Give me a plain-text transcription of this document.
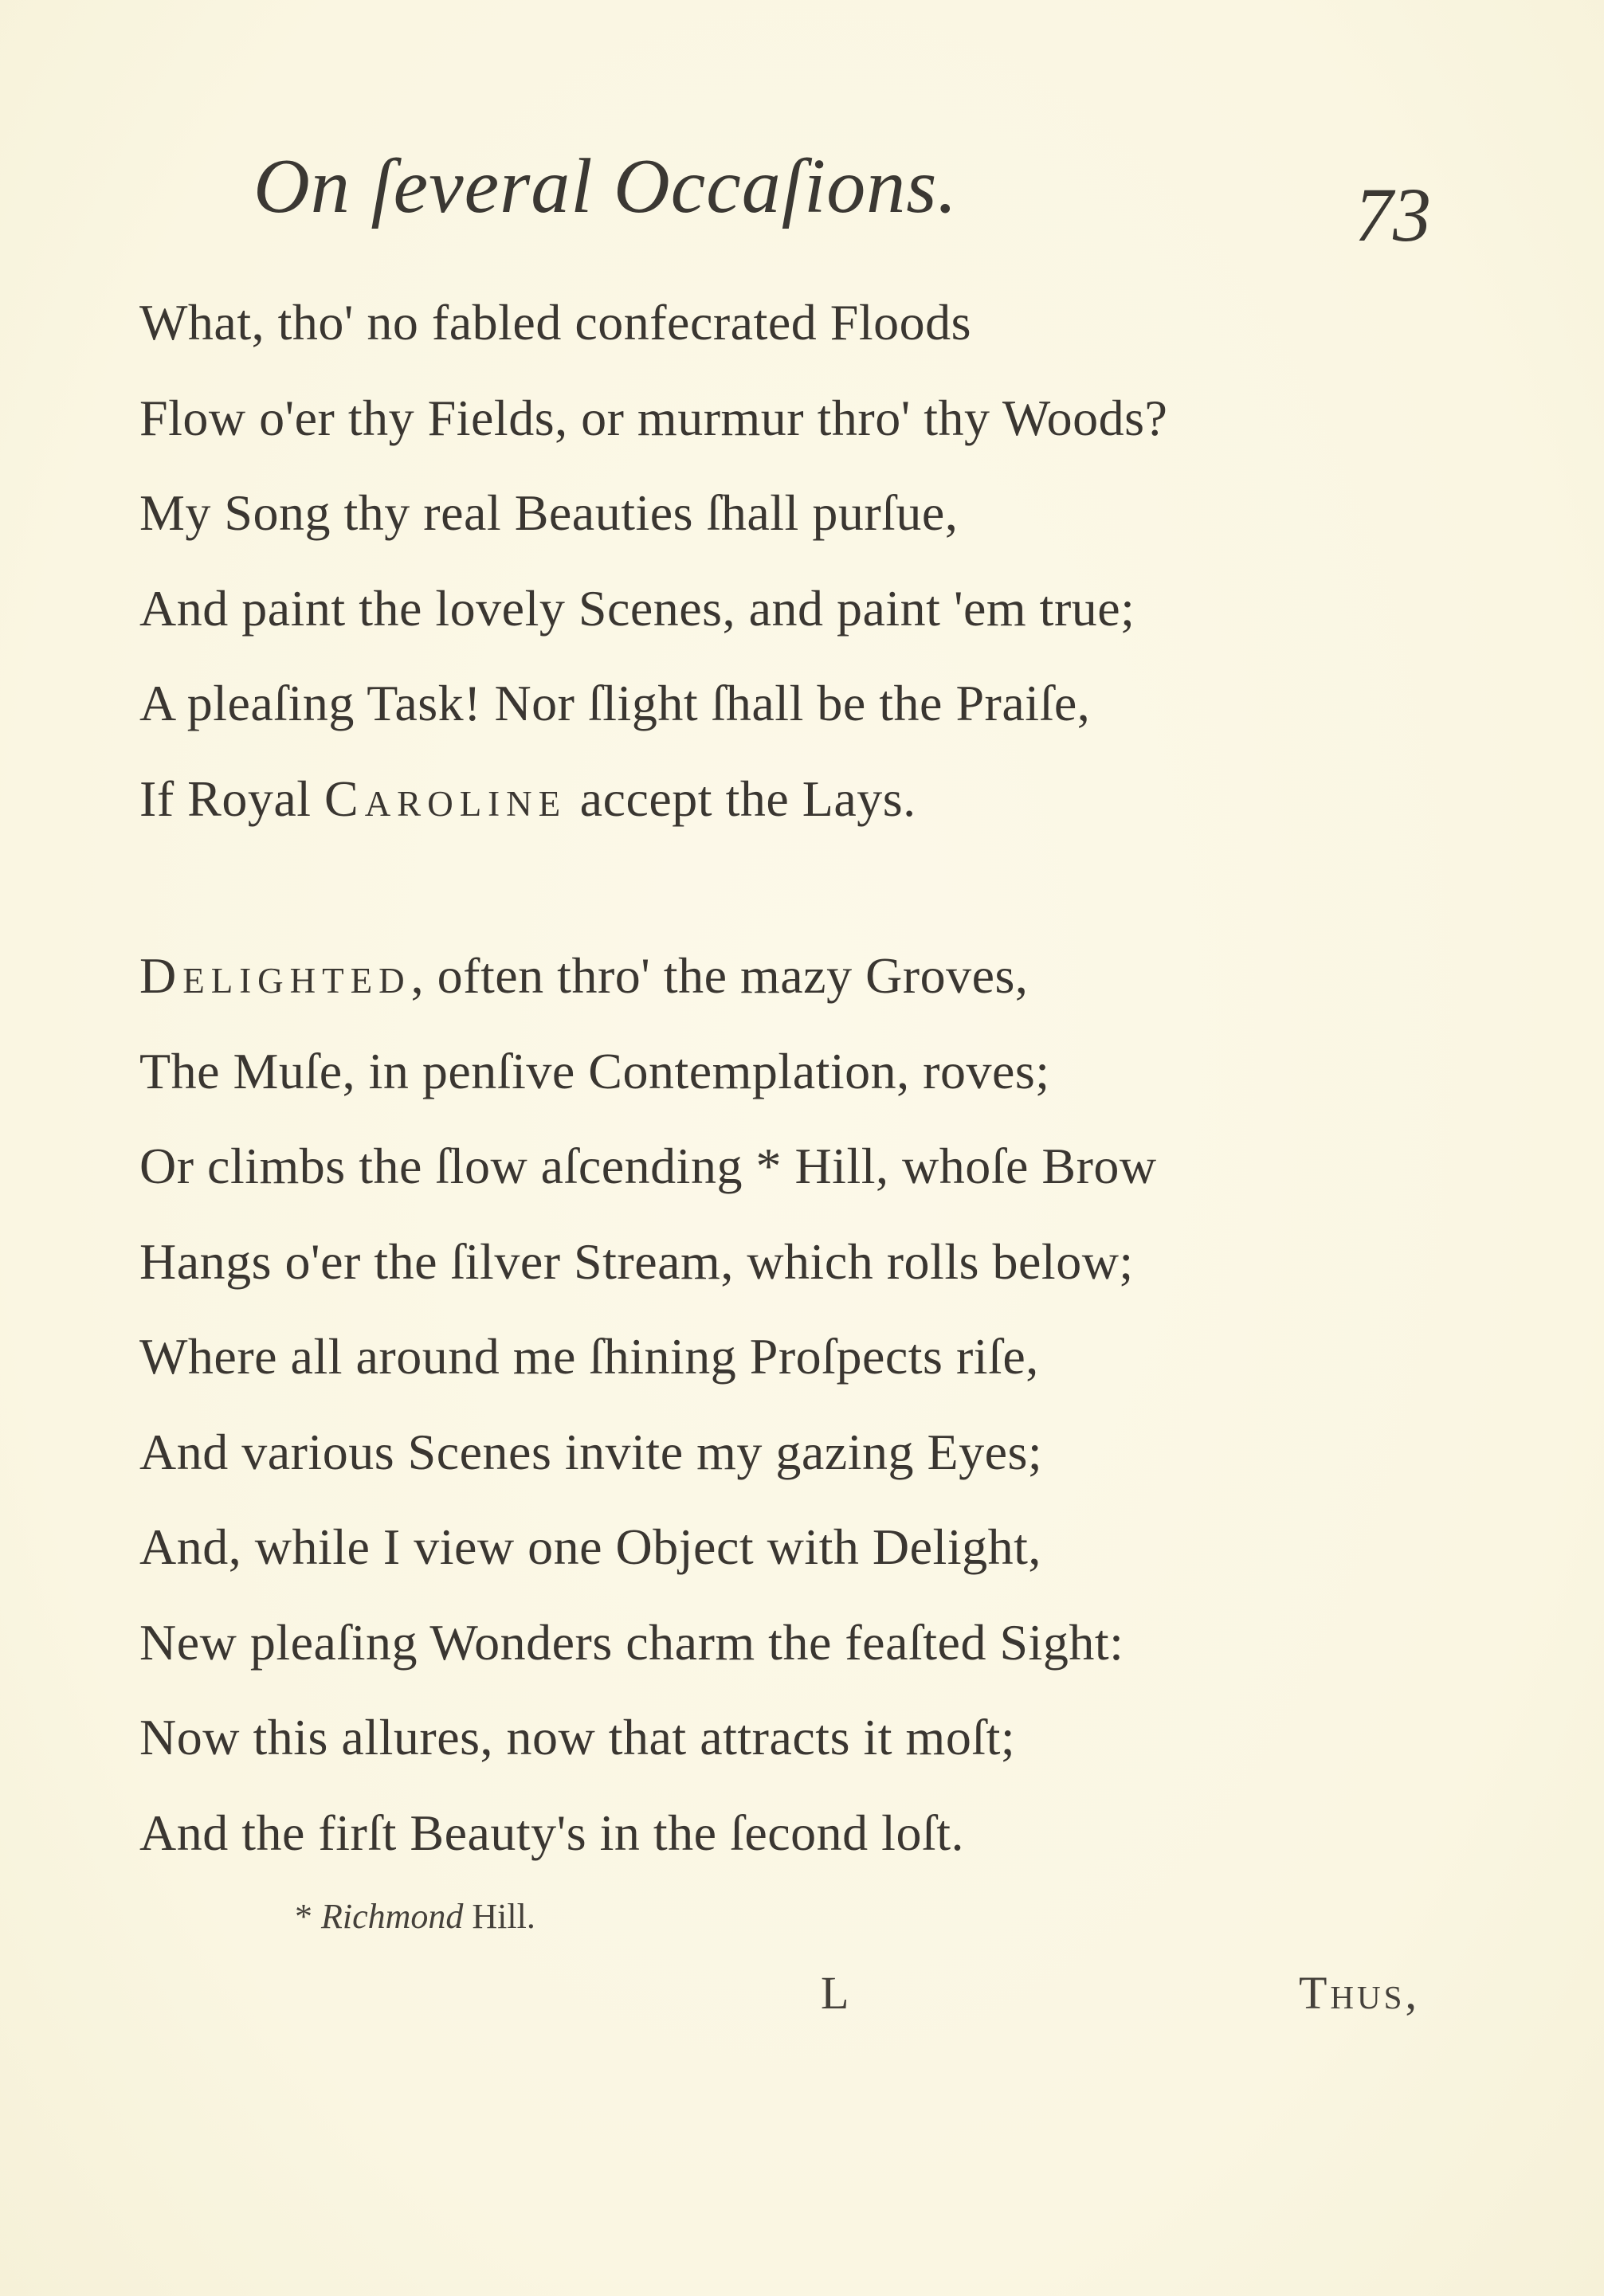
On ſeveral Occaſions.	73
What, tho' no fabled confecrated Floods
Flow o'er thy Fields, or murmur thro' thy Woods?
My Song thy real Beauties ſhall purſue,
And paint the lovely Scenes, and paint 'em true;
A pleaſing Task! Nor ſlight ſhall be the Praiſe,
If Royal Caroline accept the Lays.
Delighted, often thro' the mazy Groves,
The Muſe, in penſive Contemplation, roves;
Or climbs the ſlow aſcending * Hill, whoſe Brow
Hangs o'er the ſilver Stream, which rolls below;
Where all around me ſhining Proſpects riſe,
And various Scenes invite my gazing Eyes;
And, while I view one Object with Delight,
New pleaſing Wonders charm the feaſted Sight:
Now this allures, now that attracts it moſt;
And the firſt Beauty's in the ſecond loſt.
* Richmond Hill.
L	Thus,
